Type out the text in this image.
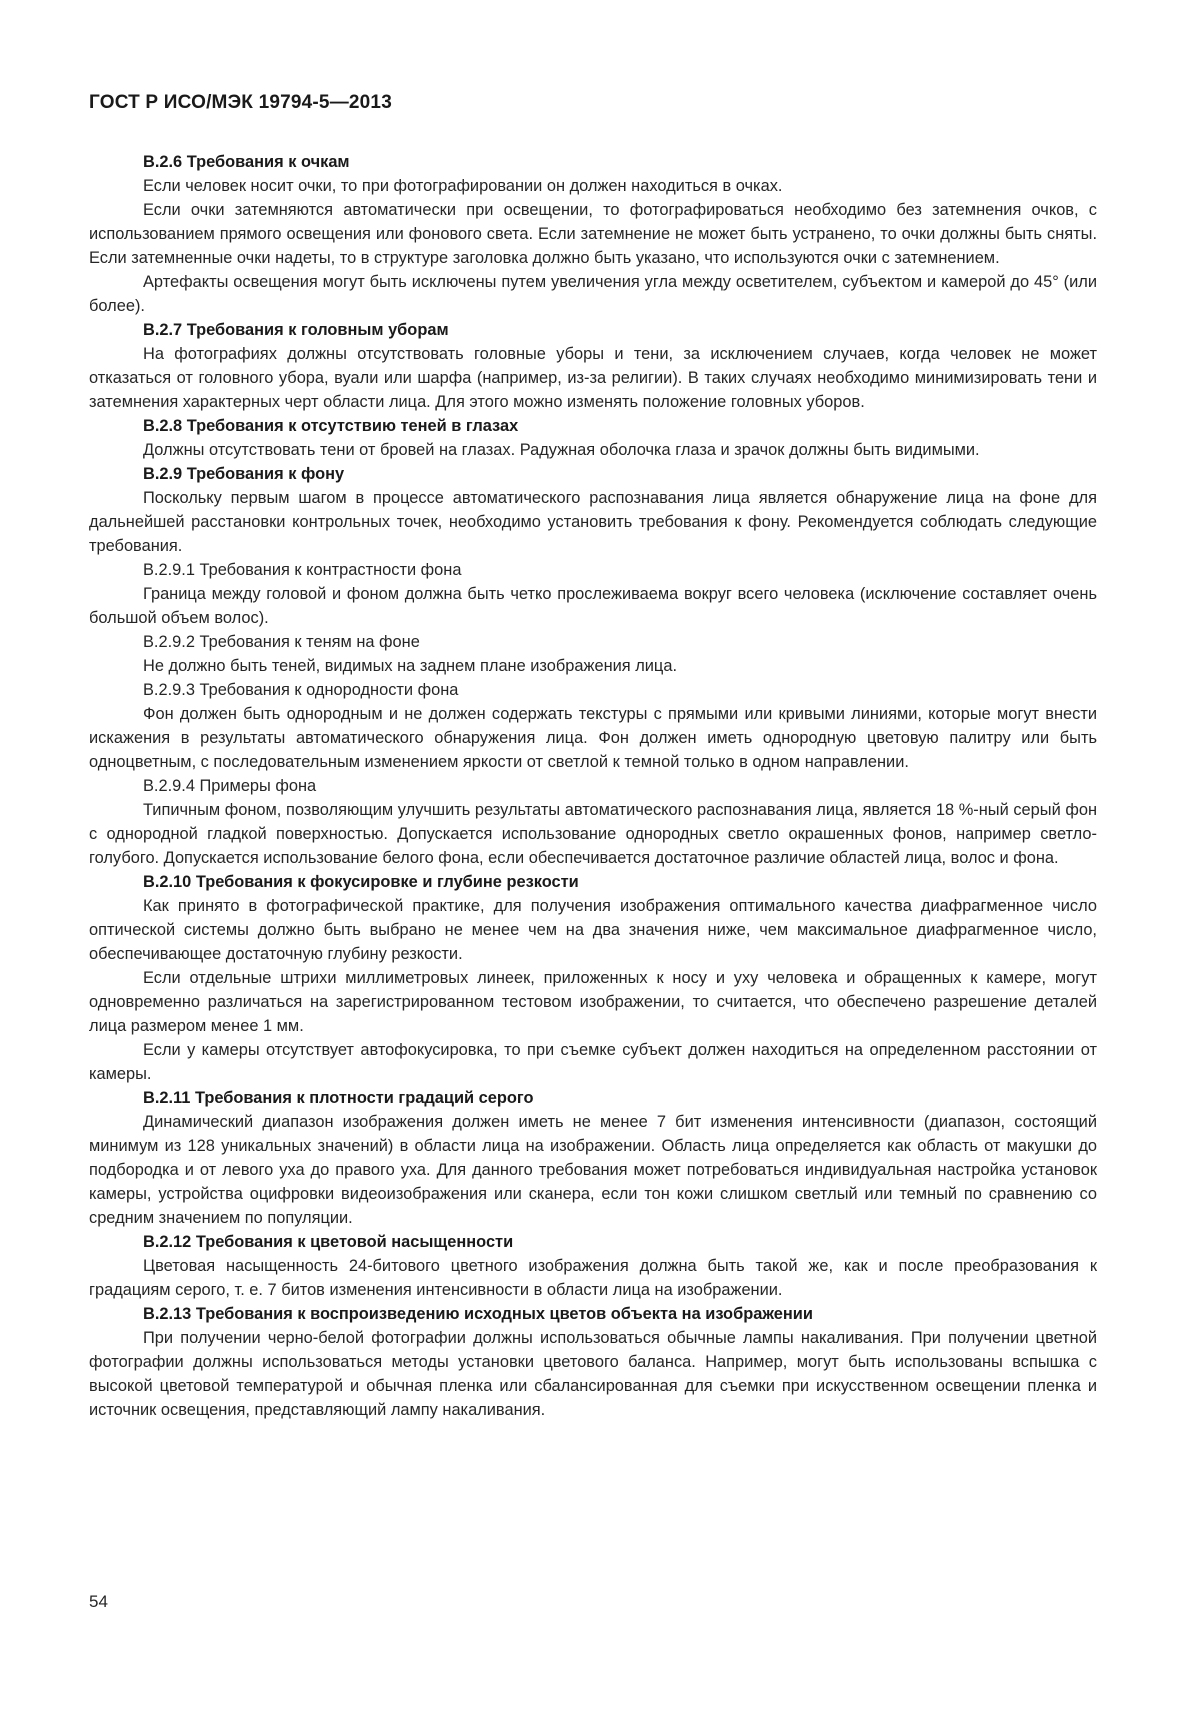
ГОСТ Р ИСО/МЭК 19794-5—2013

В.2.6 Требования к очкам

Если человек носит очки, то при фотографировании он должен находиться в очках.

Если очки затемняются автоматически при освещении, то фотографироваться необходимо без затемнения очков, с использованием прямого освещения или фонового света. Если затемнение не может быть устранено, то очки должны быть сняты. Если затемненные очки надеты, то в структуре заголовка должно быть указано, что используются очки с затемнением.

Артефакты освещения могут быть исключены путем увеличения угла между осветителем, субъектом и камерой до 45° (или более).

В.2.7 Требования к головным уборам

На фотографиях должны отсутствовать головные уборы и тени, за исключением случаев, когда человек не может отказаться от головного убора, вуали или шарфа (например, из-за религии). В таких случаях необходимо минимизировать тени и затемнения характерных черт области лица. Для этого можно изменять положение головных уборов.

В.2.8 Требования к отсутствию теней в глазах

Должны отсутствовать тени от бровей на глазах. Радужная оболочка глаза и зрачок должны быть видимыми.

В.2.9 Требования к фону

Поскольку первым шагом в процессе автоматического распознавания лица является обнаружение лица на фоне для дальнейшей расстановки контрольных точек, необходимо установить требования к фону. Рекомендуется соблюдать следующие требования.

В.2.9.1 Требования к контрастности фона

Граница между головой и фоном должна быть четко прослеживаема вокруг всего человека (исключение составляет очень большой объем волос).

В.2.9.2 Требования к теням на фоне

Не должно быть теней, видимых на заднем плане изображения лица.

В.2.9.3 Требования к однородности фона

Фон должен быть однородным и не должен содержать текстуры с прямыми или кривыми линиями, которые могут внести искажения в результаты автоматического обнаружения лица. Фон должен иметь однородную цветовую палитру или быть одноцветным, с последовательным изменением яркости от светлой к темной только в одном направлении.

В.2.9.4 Примеры фона

Типичным фоном, позволяющим улучшить результаты автоматического распознавания лица, является 18 %-ный серый фон с однородной гладкой поверхностью. Допускается использование однородных светло окрашенных фонов, например светло-голубого. Допускается использование белого фона, если обеспечивается достаточное различие областей лица, волос и фона.

В.2.10 Требования к фокусировке и глубине резкости

Как принято в фотографической практике, для получения изображения оптимального качества диафрагменное число оптической системы должно быть выбрано не менее чем на два значения ниже, чем максимальное диафрагменное число, обеспечивающее достаточную глубину резкости.

Если отдельные штрихи миллиметровых линеек, приложенных к носу и уху человека и обращенных к камере, могут одновременно различаться на зарегистрированном тестовом изображении, то считается, что обеспечено разрешение деталей лица размером менее 1 мм.

Если у камеры отсутствует автофокусировка, то при съемке субъект должен находиться на определенном расстоянии от камеры.

В.2.11 Требования к плотности градаций серого

Динамический диапазон изображения должен иметь не менее 7 бит изменения интенсивности (диапазон, состоящий минимум из 128 уникальных значений) в области лица на изображении. Область лица определяется как область от макушки до подбородка и от левого уха до правого уха. Для данного требования может потребоваться индивидуальная настройка установок камеры, устройства оцифровки видеоизображения или сканера, если тон кожи слишком светлый или темный по сравнению со средним значением по популяции.

В.2.12 Требования к цветовой насыщенности

Цветовая насыщенность 24-битового цветного изображения должна быть такой же, как и после преобразования к градациям серого, т. е. 7 битов изменения интенсивности в области лица на изображении.

В.2.13 Требования к воспроизведению исходных цветов объекта на изображении

При получении черно-белой фотографии должны использоваться обычные лампы накаливания. При получении цветной фотографии должны использоваться методы установки цветового баланса. Например, могут быть использованы вспышка с высокой цветовой температурой и обычная пленка или сбалансированная для съемки при искусственном освещении пленка и источник освещения, представляющий лампу накаливания.

54
